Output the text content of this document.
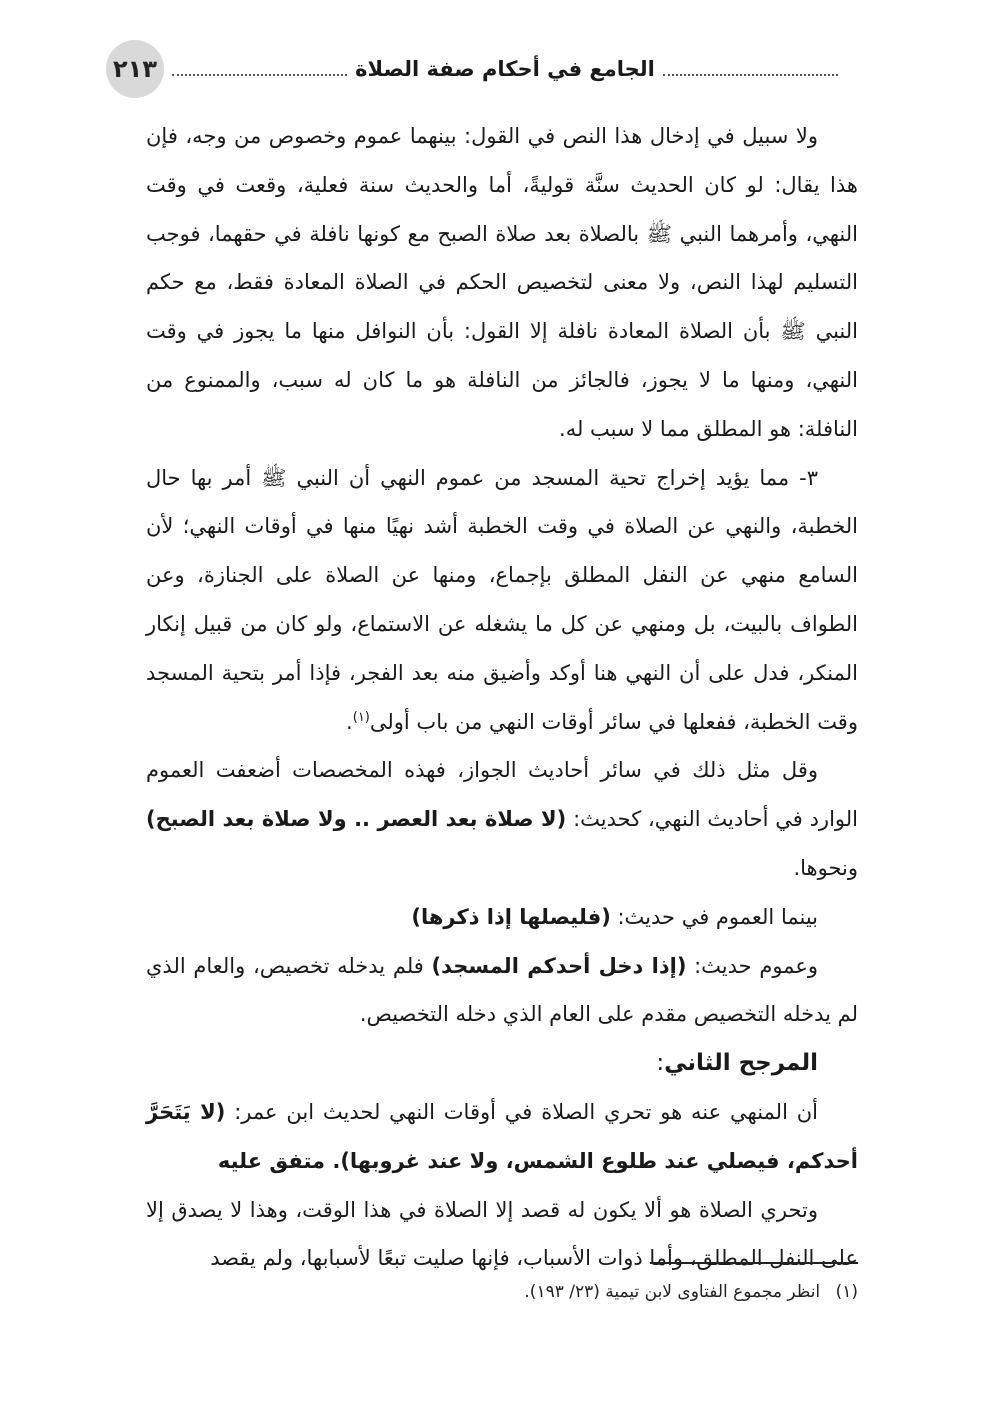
٢١٣	الجامع في أحكام صفة الصلاة

ولا سبيل في إدخال هذا النص في القول: بينهما عموم وخصوص من وجه، فإن هذا يقال: لو كان الحديث سنَّة قوليةً، أما والحديث سنة فعلية، وقعت في وقت النهي، وأمرهما النبي ﷺ بالصلاة بعد صلاة الصبح مع كونها نافلة في حقهما، فوجب التسليم لهذا النص، ولا معنى لتخصيص الحكم في الصلاة المعادة فقط، مع حكم النبي ﷺ بأن الصلاة المعادة نافلة إلا القول: بأن النوافل منها ما يجوز في وقت النهي، ومنها ما لا يجوز، فالجائز من النافلة هو ما كان له سبب، والممنوع من النافلة: هو المطلق مما لا سبب له.

٣- مما يؤيد إخراج تحية المسجد من عموم النهي أن النبي ﷺ أمر بها حال الخطبة، والنهي عن الصلاة في وقت الخطبة أشد نهيًا منها في أوقات النهي؛ لأن السامع منهي عن النفل المطلق بإجماع، ومنها عن الصلاة على الجنازة، وعن الطواف بالبيت، بل ومنهي عن كل ما يشغله عن الاستماع، ولو كان من قبيل إنكار المنكر، فدل على أن النهي هنا أوكد وأضيق منه بعد الفجر، فإذا أمر بتحية المسجد وقت الخطبة، ففعلها في سائر أوقات النهي من باب أولى$^{(١)}$.

وقل مثل ذلك في سائر أحاديث الجواز، فهذه المخصصات أضعفت العموم الوارد في أحاديث النهي، كحديث: (لا صلاة بعد العصر .. ولا صلاة بعد الصبح) ونحوها.

بينما العموم في حديث: (فليصلها إذا ذكرها)

وعموم حديث: (إذا دخل أحدكم المسجد) فلم يدخله تخصيص، والعام الذي لم يدخله التخصيص مقدم على العام الذي دخله التخصيص.

المرجح الثاني:

أن المنهي عنه هو تحري الصلاة في أوقات النهي لحديث ابن عمر: (لا يَتَحَرَّ أحدكم، فيصلي عند طلوع الشمس، ولا عند غروبها). متفق عليه

وتحري الصلاة هو ألا يكون له قصد إلا الصلاة في هذا الوقت، وهذا لا يصدق إلا على النفل المطلق، وأما ذوات الأسباب، فإنها صليت تبعًا لأسبابها، ولم يقصد

(١) انظر مجموع الفتاوى لابن تيمية (٢٣/ ١٩٣).
